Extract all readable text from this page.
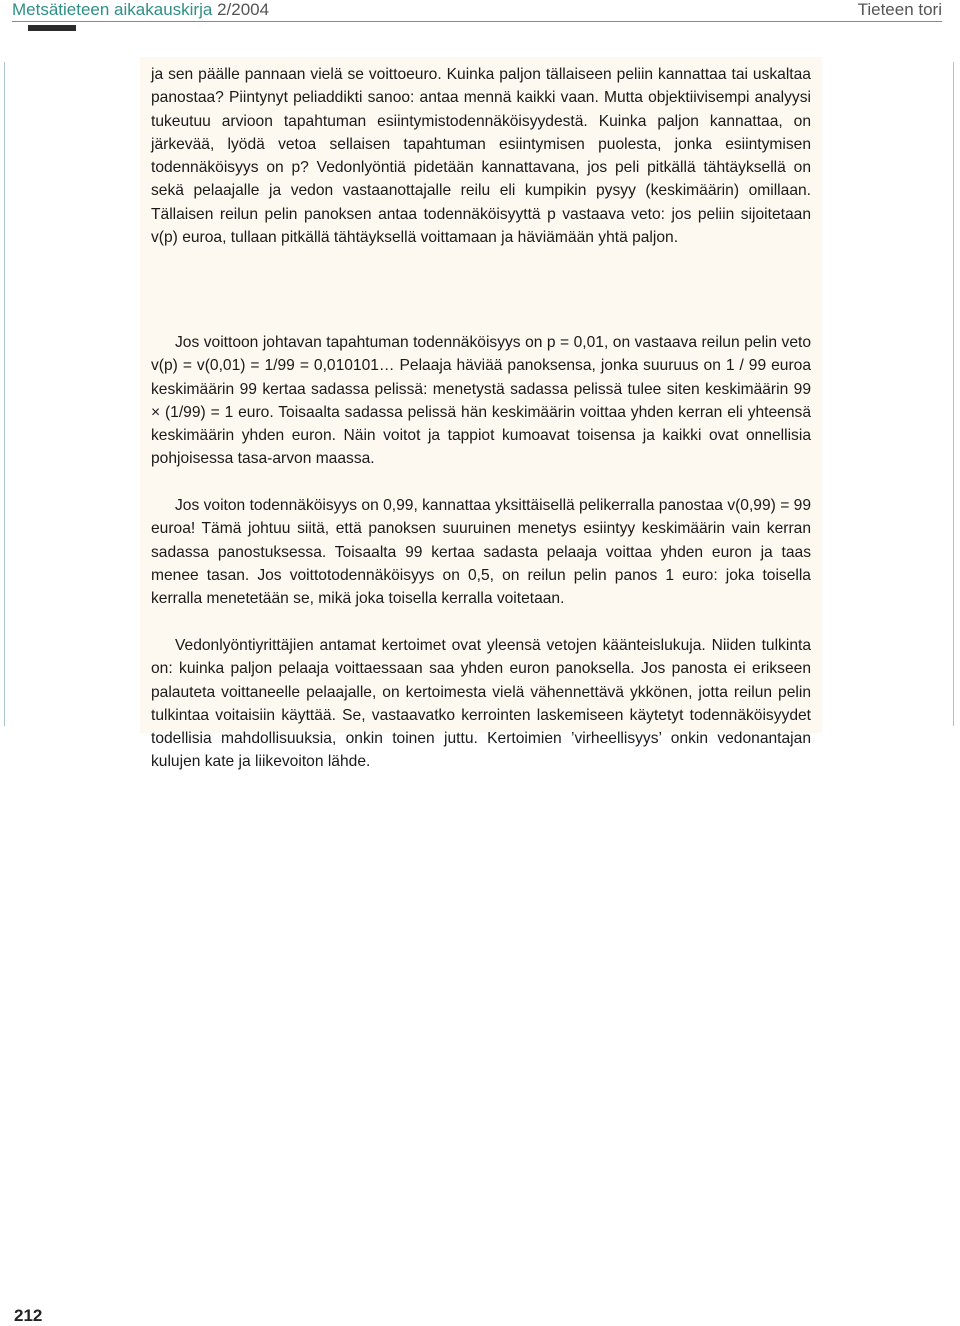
Metsätieteen aikakauskirja 2/2004	Tieteen tori

ja sen päälle pannaan vielä se voittoeuro. Kuinka paljon tällaiseen peliin kannattaa tai uskaltaa panostaa? Piintynyt peliaddikti sanoo: antaa mennä kaikki vaan. Mutta objektiivisempi analyysi tukeutuu arvioon tapahtuman esiintymistodennäköisyydestä. Kuinka paljon kannattaa, on järkevää, lyödä vetoa sellaisen tapahtuman esiintymisen puolesta, jonka esiintymisen todennäköisyys on p? Vedonlyöntiä pidetään kannattavana, jos peli pitkällä tähtäyksellä on sekä pelaajalle ja vedon vastaanottajalle reilu eli kumpikin pysyy (keskimäärin) omillaan. Tällaisen reilun pelin panoksen antaa todennäköisyyttä p vastaava veto: jos peliin sijoitetaan v(p) euroa, tullaan pitkällä tähtäyksellä voittamaan ja häviämään yhtä paljon.

Jos voittoon johtavan tapahtuman todennäköisyys on p = 0,01, on vastaava reilun pelin veto v(p) = v(0,01) = 1/99 = 0,010101… Pelaaja häviää panoksensa, jonka suuruus on 1 / 99 euroa keskimäärin 99 kertaa sadassa pelissä: menetystä sadassa pelissä tulee siten keskimäärin 99 × (1/99) = 1 euro. Toisaalta sadassa pelissä hän keskimäärin voittaa yhden kerran eli yhteensä keskimäärin yhden euron. Näin voitot ja tappiot kumoavat toisensa ja kaikki ovat onnellisia pohjoisessa tasa-arvon maassa.

Jos voiton todennäköisyys on 0,99, kannattaa yksittäisellä pelikerralla panostaa v(0,99) = 99 euroa! Tämä johtuu siitä, että panoksen suuruinen menetys esiintyy keskimäärin vain kerran sadassa panostuksessa. Toisaalta 99 kertaa sadasta pelaaja voittaa yhden euron ja taas menee tasan. Jos voittotodennäköisyys on 0,5, on reilun pelin panos 1 euro: joka toisella kerralla menetetään se, mikä joka toisella kerralla voitetaan.

Vedonlyöntiyrittäjien antamat kertoimet ovat yleensä vetojen käänteislukuja. Niiden tulkinta on: kuinka paljon pelaaja voittaessaan saa yhden euron panoksella. Jos panosta ei erikseen palauteta voittaneelle pelaajalle, on kertoimesta vielä vähennettävä ykkönen, jotta reilun pelin tulkintaa voitaisiin käyttää. Se, vastaavatko kerrointen laskemiseen käytetyt todennäköisyydet todellisia mahdollisuuksia, onkin toinen juttu. Kertoimien ’virheellisyys’ onkin vedonantajan kulujen kate ja liikevoiton lähde.

212
